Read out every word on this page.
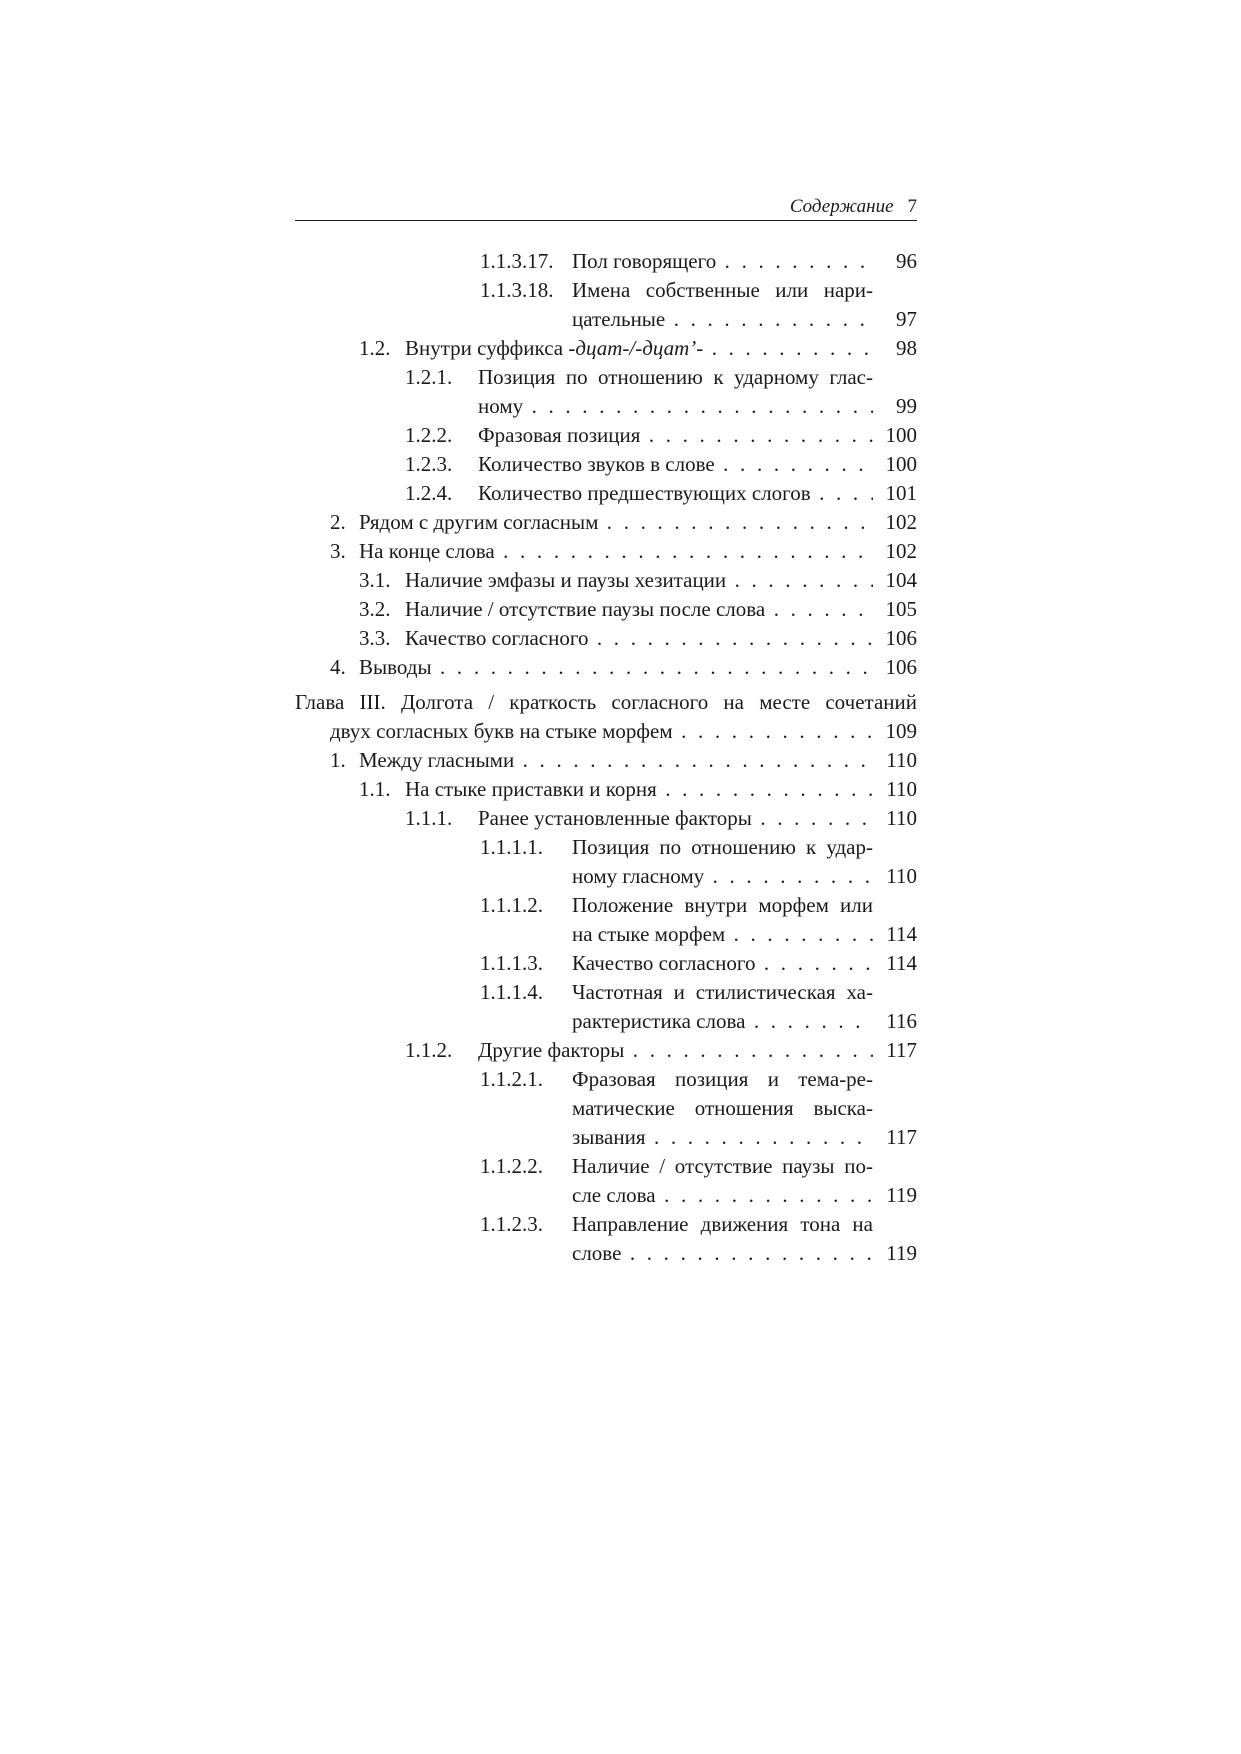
Содержание 7
1.1.3.17. Пол говорящего . . .	96
1.1.3.18. Имена собственные или нари-
цательные . . .	97
1.2. Внутри суффикса -дцат-/-дцат’- . . .	98
1.2.1. Позиция по отношению к ударному глас-
ному . . .	99
1.2.2. Фразовая позиция . . .	100
1.2.3. Количество звуков в слове . . .	100
1.2.4. Количество предшествующих слогов . . .	101
2. Рядом с другим согласным . . .	102
3. На конце слова . . .	102
3.1. Наличие эмфазы и паузы хезитации . . .	104
3.2. Наличие / отсутствие паузы после слова . . .	105
3.3. Качество согласного . . .	106
4. Выводы . . .	106
Глава III. Долгота / краткость согласного на месте сочетаний
двух согласных букв на стыке морфем . . .	109
1. Между гласными . . .	110
1.1. На стыке приставки и корня . . .	110
1.1.1. Ранее установленные факторы . . .	110
1.1.1.1. Позиция по отношению к удар-
ному гласному . . .	110
1.1.1.2. Положение внутри морфем или
на стыке морфем . . .	114
1.1.1.3. Качество согласного . . .	114
1.1.1.4. Частотная и стилистическая ха-
рактеристика слова . . .	116
1.1.2. Другие факторы . . .	117
1.1.2.1. Фразовая позиция и тема-ре-
матические отношения выска-
зывания . . .	117
1.1.2.2. Наличие / отсутствие паузы по-
сле слова . . .	119
1.1.2.3. Направление движения тона на
слове . . .	119
